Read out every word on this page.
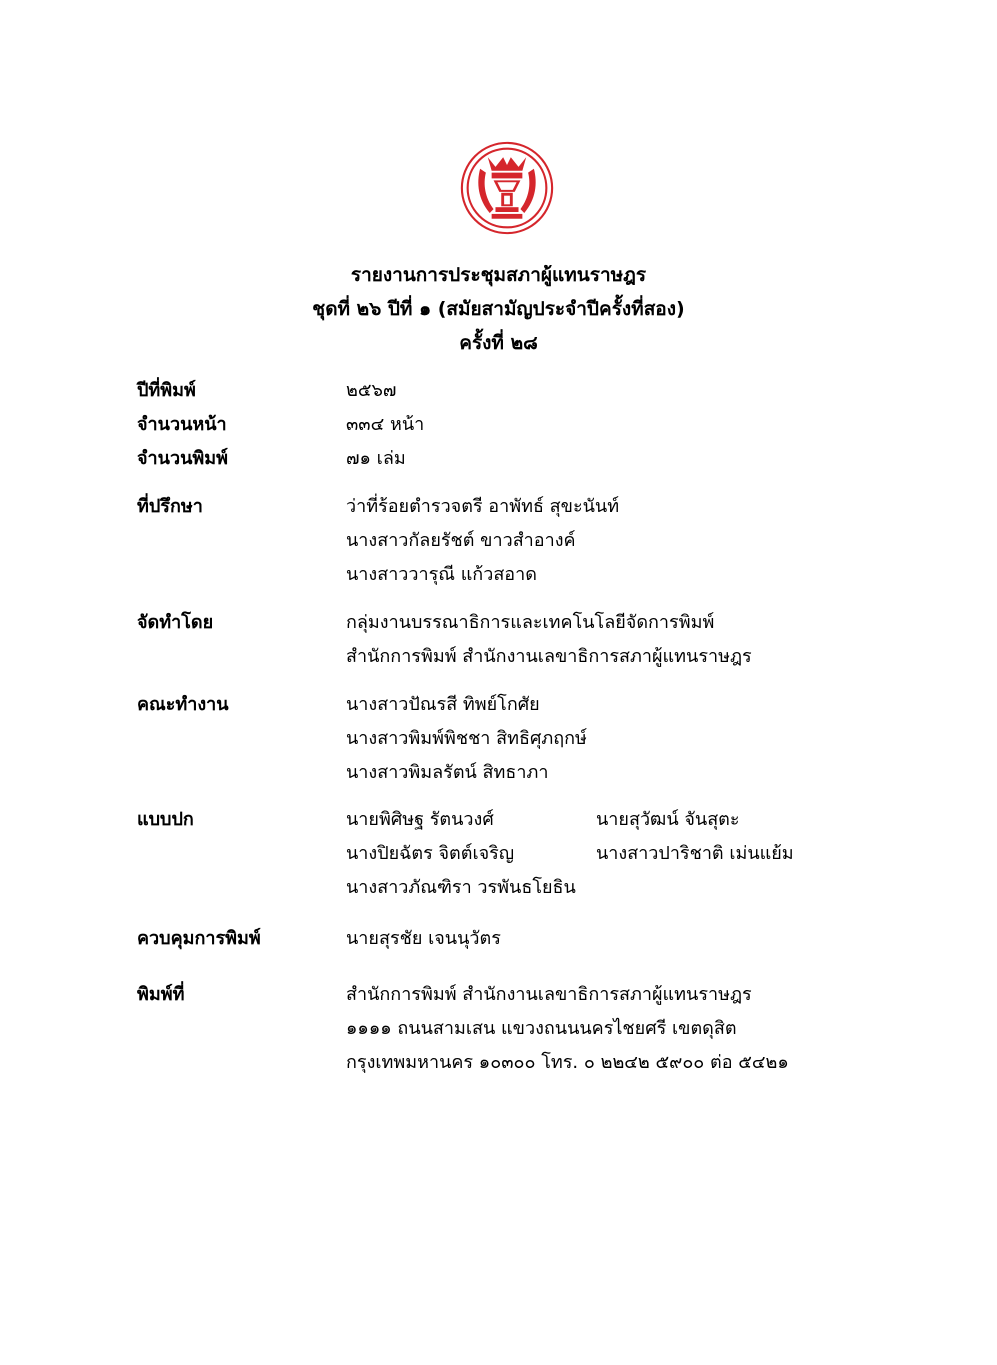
รายงานการประชุมสภาผู้แทนราษฎร
ชุดที่ ๒๖ ปีที่ ๑ (สมัยสามัญประจำปีครั้งที่สอง)
ครั้งที่ ๒๘
ปีที่พิมพ์	๒๕๖๗
จำนวนหน้า	๓๓๔ หน้า
จำนวนพิมพ์	๗๑ เล่ม
ที่ปรึกษา	ว่าที่ร้อยตำรวจตรี อาพัทธ์ สุขะนันท์
นางสาวกัลยรัชต์ ขาวสำอางค์
นางสาววารุณี แก้วสอาด
จัดทำโดย	กลุ่มงานบรรณาธิการและเทคโนโลยีจัดการพิมพ์
สำนักการพิมพ์ สำนักงานเลขาธิการสภาผู้แทนราษฎร
คณะทำงาน	นางสาวปัณรสี ทิพย์โกศัย
นางสาวพิมพ์พิชชา สิทธิศุภฤกษ์
นางสาวพิมลรัตน์ สิทธาภา
แบบปก	นายพิศิษฐ รัตนวงศ์	นายสุวัฒน์ จันสุตะ
นางปิยฉัตร จิตต์เจริญ	นางสาวปาริชาติ เม่นแย้ม
นางสาวภัณฑิรา วรพันธโยธิน
ควบคุมการพิมพ์	นายสุรชัย เจนนุวัตร
พิมพ์ที่	สำนักการพิมพ์ สำนักงานเลขาธิการสภาผู้แทนราษฎร
๑๑๑๑ ถนนสามเสน แขวงถนนนครไชยศรี เขตดุสิต
กรุงเทพมหานคร ๑๐๓๐๐ โทร. ๐ ๒๒๔๒ ๕๙๐๐ ต่อ ๕๔๒๑
